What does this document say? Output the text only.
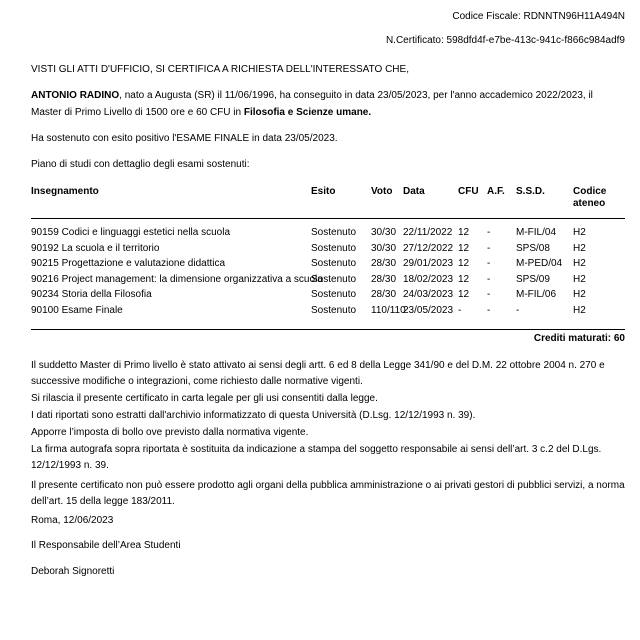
Codice Fiscale: RDNNTN96H11A494N
N.Certificato: 598dfd4f-e7be-413c-941c-f866c984adf9

VISTI GLI ATTI D'UFFICIO, SI CERTIFICA A RICHIESTA DELL'INTERESSATO CHE,

ANTONIO RADINO, nato a Augusta (SR) il 11/06/1996, ha conseguito in data 23/05/2023, per l'anno accademico 2022/2023, il Master di Primo Livello di 1500 ore e 60 CFU in Filosofia e Scienze umane.

Ha sostenuto con esito positivo l'ESAME FINALE in data 23/05/2023.

Piano di studi con dettaglio degli esami sostenuti:

Insegnamento	Esito	Voto	Data	CFU	A.F.	S.S.D.	Codice ateneo
90159 Codici e linguaggi estetici nella scuola	Sostenuto	30/30	22/11/2022	12	-	M-FIL/04	H2
90192 La scuola e il territorio	Sostenuto	30/30	27/12/2022	12	-	SPS/08	H2
90215 Progettazione e valutazione didattica	Sostenuto	28/30	29/01/2023	12	-	M-PED/04	H2
90216 Project management: la dimensione organizzativa a scuola	Sostenuto	28/30	18/02/2023	12	-	SPS/09	H2
90234 Storia della Filosofia	Sostenuto	28/30	24/03/2023	12	-	M-FIL/06	H2
90100 Esame Finale	Sostenuto	110/110	23/05/2023	-	-	-	H2
Crediti maturati: 60

Il suddetto Master di Primo livello è stato attivato ai sensi degli artt. 6 ed 8 della Legge 341/90 e del D.M. 22 ottobre 2004 n. 270 e successive modifiche o integrazioni, come richiesto dalle normative vigenti.

Si rilascia il presente certificato in carta legale per gli usi consentiti dalla legge.

I dati riportati sono estratti dall'archivio informatizzato di questa Università (D.Lsg. 12/12/1993 n. 39).

Apporre l’imposta di bollo ove previsto dalla normativa vigente.

La firma autografa sopra riportata è sostituita da indicazione a stampa del soggetto responsabile ai sensi dell’art. 3 c.2 del D.Lgs. 12/12/1993 n. 39.

Il presente certificato non può essere prodotto agli organi della pubblica amministrazione o ai privati gestori di pubblici servizi, a norma dell’art. 15 della legge 183/2011.

Roma, 12/06/2023

Il Responsabile dell’Area Studenti

Deborah Signoretti
